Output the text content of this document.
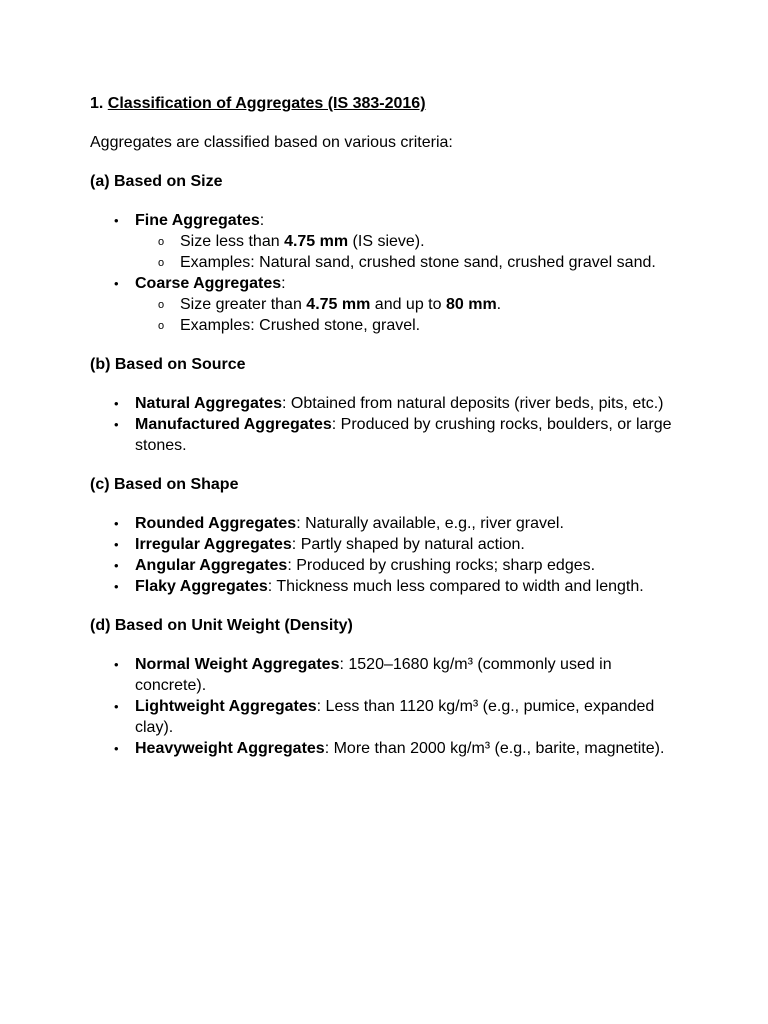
1. Classification of Aggregates (IS 383-2016)

Aggregates are classified based on various criteria:

(a) Based on Size

• Fine Aggregates:
o Size less than 4.75 mm (IS sieve).
o Examples: Natural sand, crushed stone sand, crushed gravel sand.
• Coarse Aggregates:
o Size greater than 4.75 mm and up to 80 mm.
o Examples: Crushed stone, gravel.

(b) Based on Source

• Natural Aggregates: Obtained from natural deposits (river beds, pits, etc.)
• Manufactured Aggregates: Produced by crushing rocks, boulders, or large stones.

(c) Based on Shape

• Rounded Aggregates: Naturally available, e.g., river gravel.
• Irregular Aggregates: Partly shaped by natural action.
• Angular Aggregates: Produced by crushing rocks; sharp edges.
• Flaky Aggregates: Thickness much less compared to width and length.

(d) Based on Unit Weight (Density)

• Normal Weight Aggregates: 1520–1680 kg/m³ (commonly used in concrete).
• Lightweight Aggregates: Less than 1120 kg/m³ (e.g., pumice, expanded clay).
• Heavyweight Aggregates: More than 2000 kg/m³ (e.g., barite, magnetite).
